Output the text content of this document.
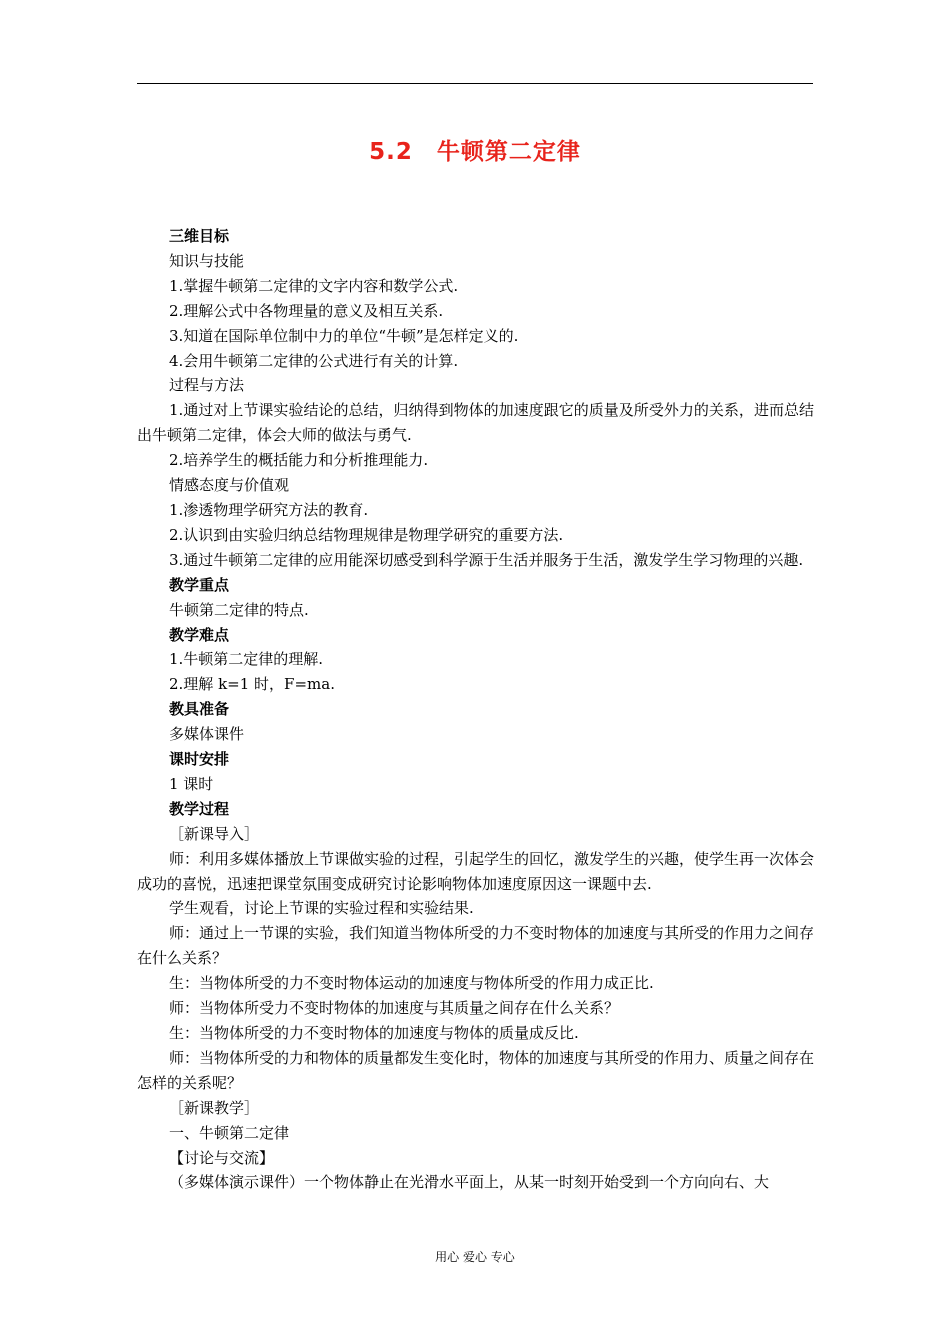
5.2　牛顿第二定律
三维目标
知识与技能
1.掌握牛顿第二定律的文字内容和数学公式.
2.理解公式中各物理量的意义及相互关系.
3.知道在国际单位制中力的单位“牛顿”是怎样定义的.
4.会用牛顿第二定律的公式进行有关的计算.
过程与方法
1.通过对上节课实验结论的总结，归纳得到物体的加速度跟它的质量及所受外力的关系，进而总结出牛顿第二定律，体会大师的做法与勇气.
2.培养学生的概括能力和分析推理能力.
情感态度与价值观
1.渗透物理学研究方法的教育.
2.认识到由实验归纳总结物理规律是物理学研究的重要方法.
3.通过牛顿第二定律的应用能深切感受到科学源于生活并服务于生活，激发学生学习物理的兴趣.
教学重点
牛顿第二定律的特点.
教学难点
1.牛顿第二定律的理解.
2.理解 k=1 时，F=ma.
教具准备
多媒体课件
课时安排
1 课时
教学过程
［新课导入］
师：利用多媒体播放上节课做实验的过程，引起学生的回忆，激发学生的兴趣，使学生再一次体会成功的喜悦，迅速把课堂氛围变成研究讨论影响物体加速度原因这一课题中去.
学生观看，讨论上节课的实验过程和实验结果.
师：通过上一节课的实验，我们知道当物体所受的力不变时物体的加速度与其所受的作用力之间存在什么关系？
生：当物体所受的力不变时物体运动的加速度与物体所受的作用力成正比.
师：当物体所受力不变时物体的加速度与其质量之间存在什么关系？
生：当物体所受的力不变时物体的加速度与物体的质量成反比.
师：当物体所受的力和物体的质量都发生变化时，物体的加速度与其所受的作用力、质量之间存在怎样的关系呢？
［新课教学］
一、牛顿第二定律
【讨论与交流】
（多媒体演示课件）一个物体静止在光滑水平面上，从某一时刻开始受到一个方向向右、大
用心 爱心 专心
